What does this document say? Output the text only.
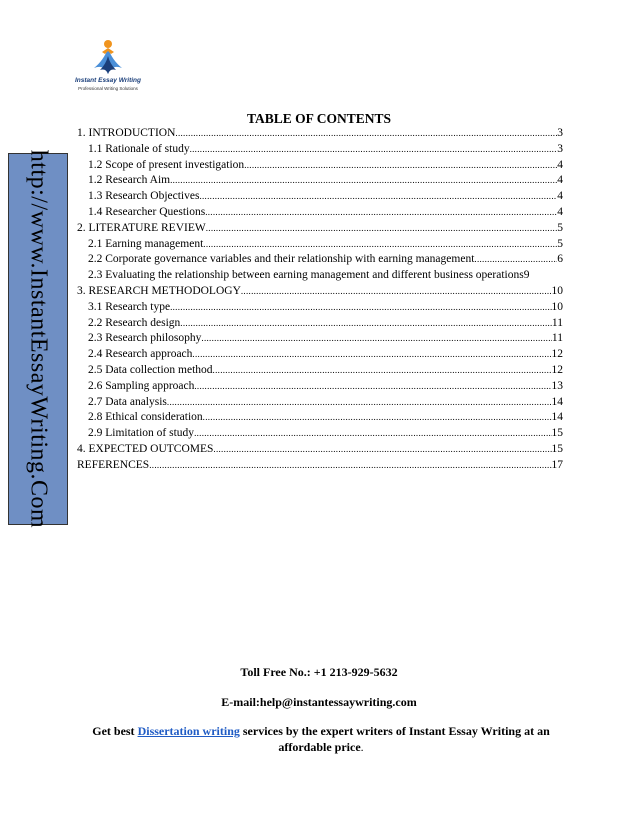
http://www.InstantEssayWriting.Com
Instant Essay Writing
Professional Writing Solutions
TABLE OF CONTENTS
1. INTRODUCTION .....	3
1.1 Rationale of study .....	3
1.2 Scope of present investigation .....	4
1.2 Research Aim .....	4
1.3 Research Objectives .....	4
1.4 Researcher Questions .....	4
2. LITERATURE REVIEW .....	5
2.1 Earning management .....	5
2.2 Corporate governance variables and their relationship with earning management .....	6
2.3 Evaluating the relationship between earning management and different business operations 9
3. RESEARCH METHODOLOGY .....	10
3.1 Research type .....	10
2.2 Research design .....	11
2.3 Research philosophy .....	11
2.4 Research approach .....	12
2.5 Data collection method .....	12
2.6 Sampling approach .....	13
2.7 Data analysis .....	14
2.8 Ethical consideration .....	14
2.9 Limitation of study .....	15
4. EXPECTED OUTCOMES .....	15
REFERENCES .....	17
Toll Free No.: +1 213-929-5632
E-mail:help@instantessaywriting.com
Get best Dissertation writing services by the expert writers of Instant Essay Writing at an affordable price.
